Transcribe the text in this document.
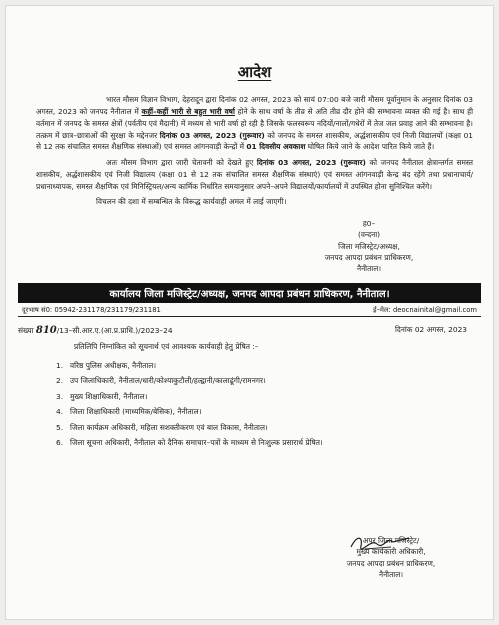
आदेश

भारत मौसम विज्ञान विभाग, देहरादून द्वारा दिनांक 02 अगस्त, 2023 को सायं 07:00 बजे जारी मौसम पूर्वानुमान के अनुसार दिनांक 03 अगस्त, 2023 को जनपद नैनीताल में कहीं–कहीं भारी से बहुत भारी वर्षा होने के साथ वर्षा के तीव्र से अति तीव्र दौर होने की सम्भावना व्यक्त की गई है। साथ ही वर्तमान में जनपद के समस्त क्षेत्रों (पर्वतीय एवं मैदानी) में मध्यम से भारी वर्षा हो रही है जिसके फलस्वरूप नदियों/नालों/गधेरों में तेज जल प्रवाह आने की सम्भावना है। तत्क्रम में छात्र–छात्राओं की सुरक्षा के मद्देनजर दिनांक 03 अगस्त, 2023 (गुरूवार) को जनपद के समस्त शासकीय, अर्द्धशासकीय एवं निजी विद्यालयों (कक्षा 01 से 12 तक संचालित समस्त शैक्षणिक संस्थाओं) एवं समस्त आंगनवाड़ी केन्द्रों में 01 दिवसीय अवकाश घोषित किये जाने के आदेश पारित किये जाते हैं।

अतः मौसम विभाग द्वारा जारी चेतावनी को देखते हुए दिनांक 03 अगस्त, 2023 (गुरूवार) को जनपद नैनीताल क्षेत्रान्तर्गत समस्त शासकीय, अर्द्धशासकीय एवं निजी विद्यालय (कक्षा 01 से 12 तक संचालित समस्त शैक्षणिक संस्थाएं) एवं समस्त आंगनवाड़ी केन्द्र बंद रहेंगे तथा प्रधानाचार्य/प्रधानाध्यापक, समस्त शैक्षणिक एवं मिनिस्ट्रियल/अन्य कार्मिक निर्धारित समयानुसार अपने–अपने विद्यालयों/कार्यालयों में उपस्थित होना सुनिश्चित करेंगे।

विचलन की दशा में सम्बन्धित के विरूद्ध कार्यवाही अमल में लाई जाएगी।

ह0–
(वन्दना)
जिला मजिस्ट्रेट/अध्यक्ष,
जनपद आपदा प्रबंधन प्राधिकरण,
नैनीताल।
कार्यालय जिला मजिस्ट्रेट/अध्यक्ष, जनपद आपदा प्रबंधन प्राधिकरण, नैनीताल।
दूरभाष सं0: 05942-231178/231179/231181	ई–मेल: deocnainital@gmail.com
संख्या 810/13–सी.आर.ए.(आ.प्र.प्राधि.)/2023–24	दिनांक 02 अगस्त, 2023
प्रतिलिपि निम्नांकित को सूचनार्थ एवं आवश्यक कार्यवाही हेतु प्रेषित :–
1. वरिष्ठ पुलिस अधीक्षक, नैनीताल।
2. उप जिलाधिकारी, नैनीताल/धारी/कोश्याकुटौली/हल्द्वानी/कालाढूंगी/रामनगर।
3. मुख्य शिक्षाधिकारी, नैनीताल।
4. जिला शिक्षाधिकारी (माध्यमिक/बेसिक), नैनीताल।
5. जिला कार्यक्रम अधिकारी, महिला सशक्तीकरण एवं बाल विकास, नैनीताल।
6. जिला सूचना अधिकारी, नैनीताल को दैनिक समाचार–पत्रों के माध्यम से निःशुल्क प्रसारार्थ प्रेषित।
अपर जिला मजिस्ट्रेट/
मुख्य कार्यकारी अधिकारी,
जनपद आपदा प्रबंधन प्राधिकरण,
नैनीताल।
